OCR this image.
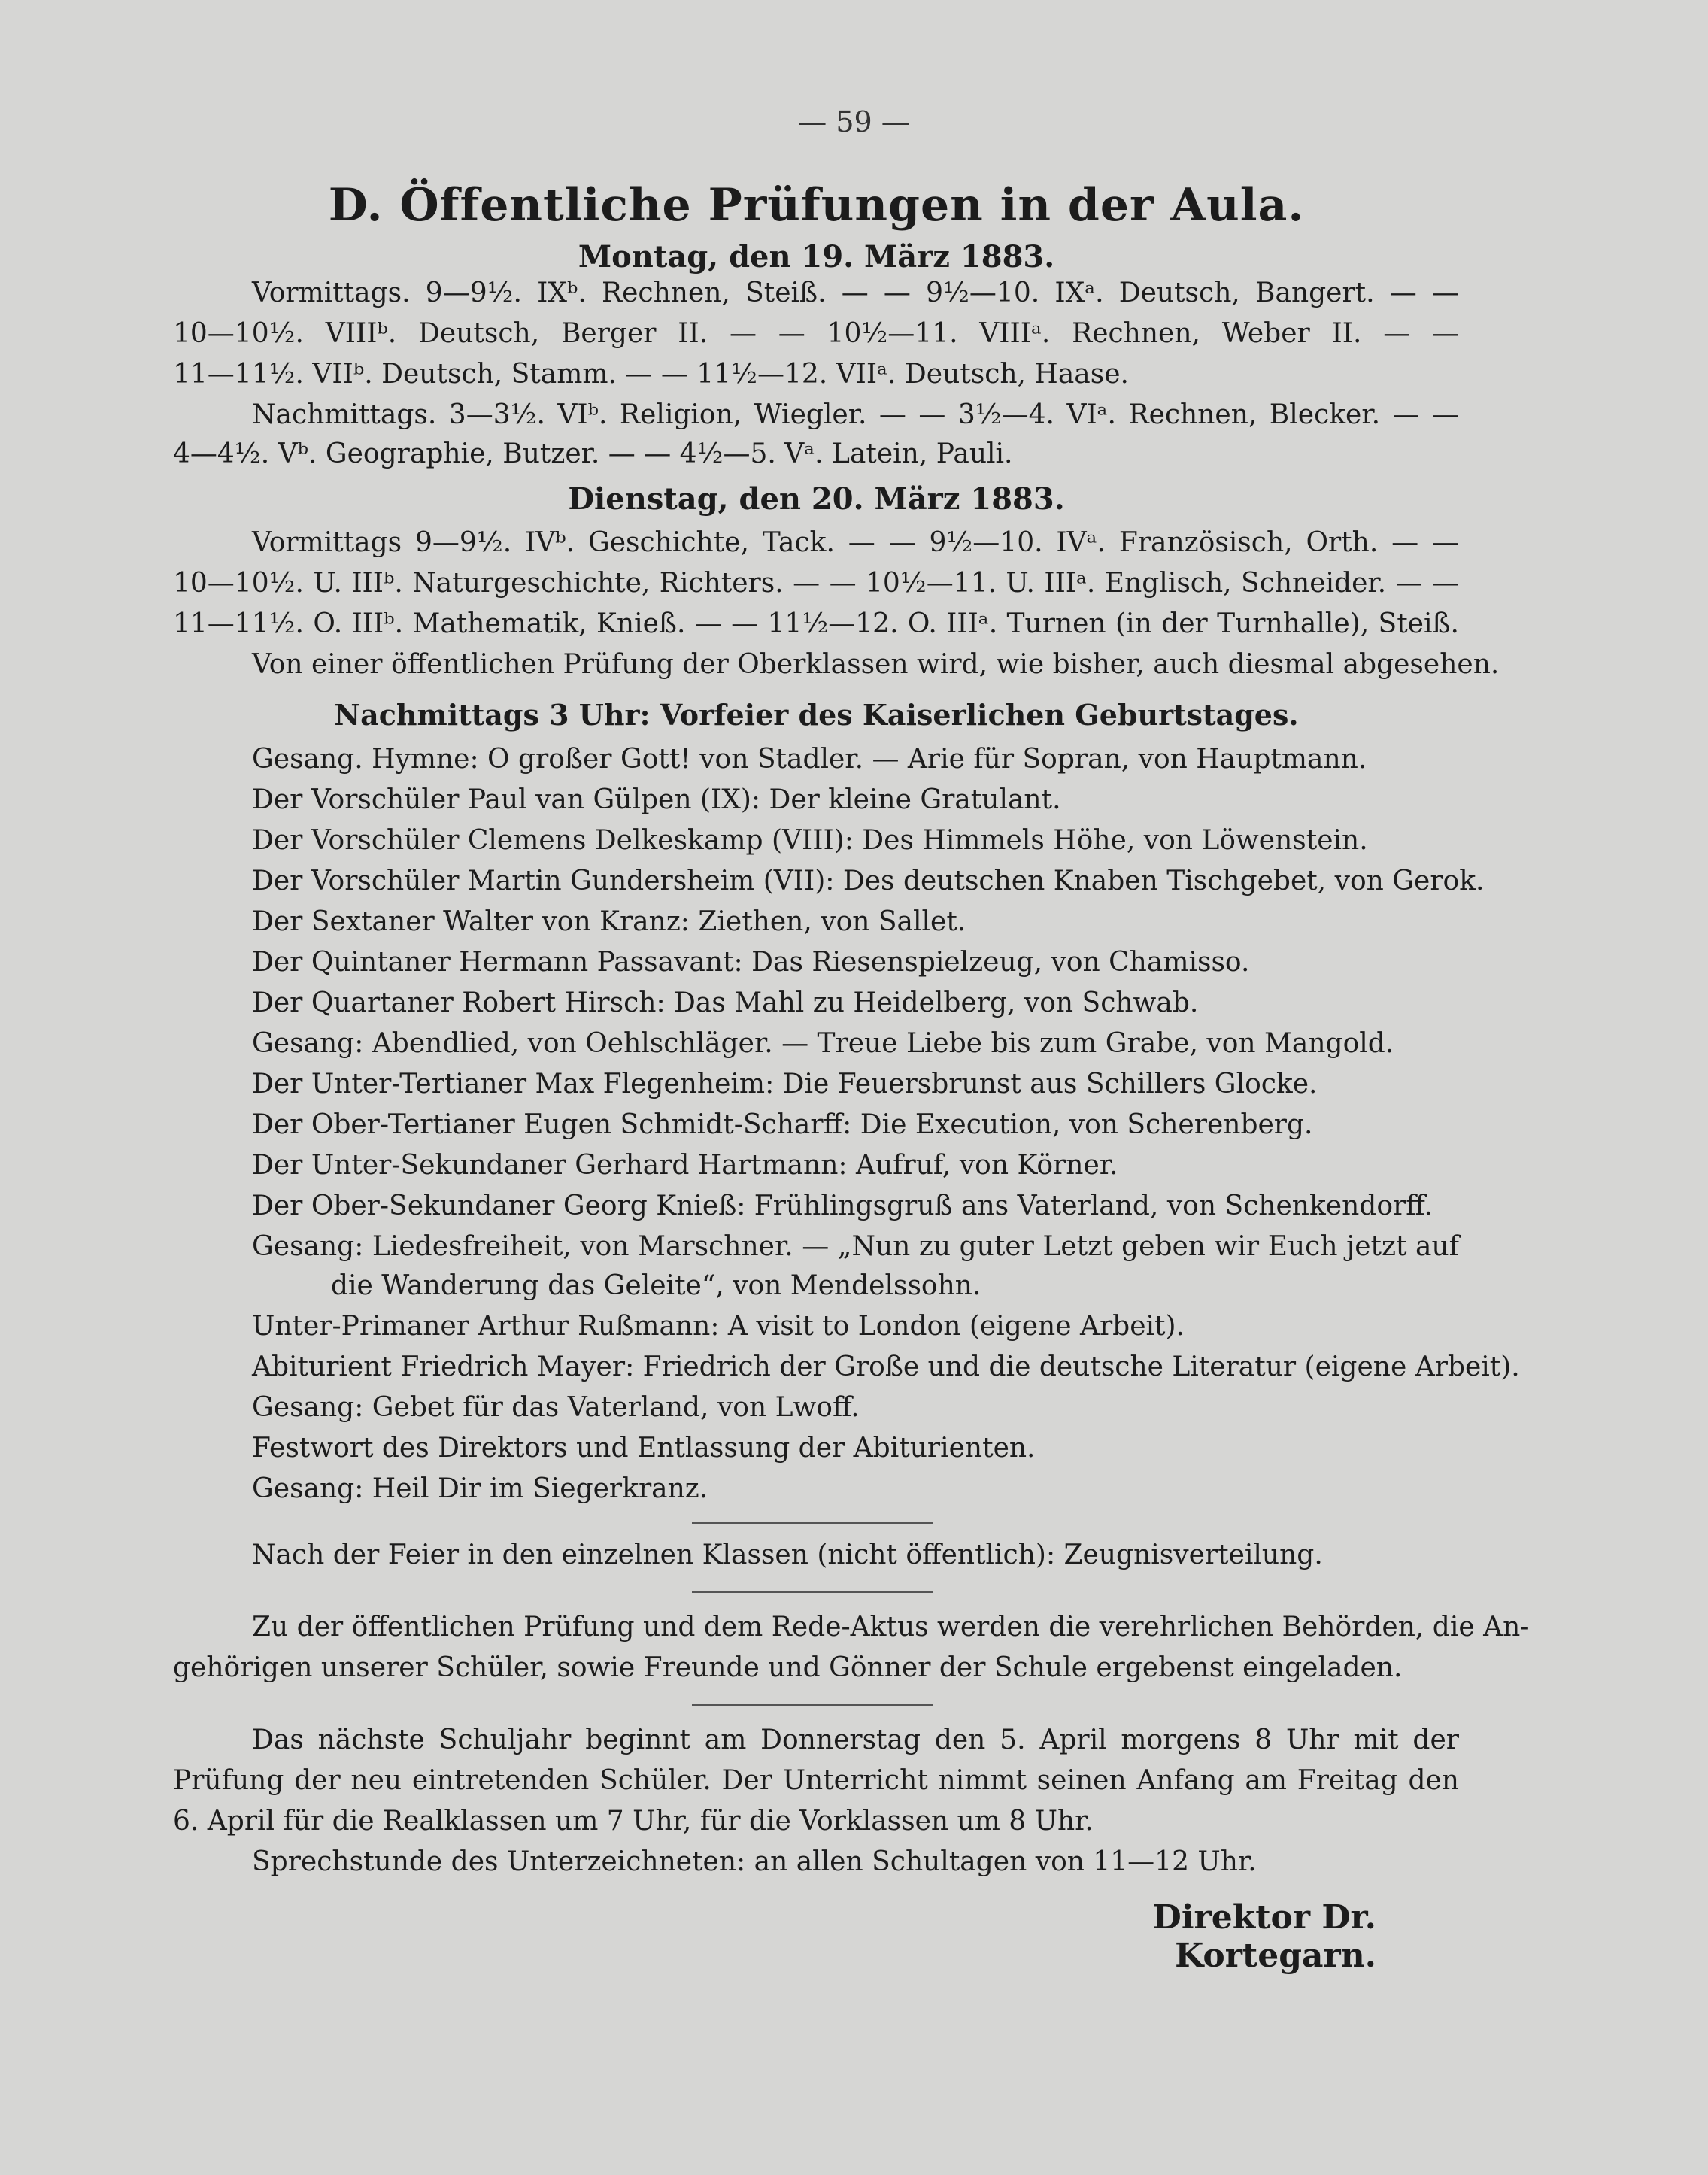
— 59 —
D. Öffentliche Prüfungen in der Aula.
Montag, den 19. März 1883.
Vormittags. 9—9½. IXᵇ. Rechnen, Steiß. — — 9½—10. IXᵃ. Deutsch, Bangert. — —
10—10½. VIIIᵇ. Deutsch, Berger II. — — 10½—11. VIIIᵃ. Rechnen, Weber II. — —
11—11½. VIIᵇ. Deutsch, Stamm. — — 11½—12. VIIᵃ. Deutsch, Haase.
Nachmittags. 3—3½. VIᵇ. Religion, Wiegler. — — 3½—4. VIᵃ. Rechnen, Blecker. — —
4—4½. Vᵇ. Geographie, Butzer. — — 4½—5. Vᵃ. Latein, Pauli.
Dienstag, den 20. März 1883.
Vormittags 9—9½. IVᵇ. Geschichte, Tack. — — 9½—10. IVᵃ. Französisch, Orth. — —
10—10½. U. IIIᵇ. Naturgeschichte, Richters. — — 10½—11. U. IIIᵃ. Englisch, Schneider. — —
11—11½. O. IIIᵇ. Mathematik, Knieß. — — 11½—12. O. IIIᵃ. Turnen (in der Turnhalle), Steiß.
Von einer öffentlichen Prüfung der Oberklassen wird, wie bisher, auch diesmal abgesehen.
Nachmittags 3 Uhr: Vorfeier des Kaiserlichen Geburtstages.
Gesang. Hymne: O großer Gott! von Stadler. — Arie für Sopran, von Hauptmann.
Der Vorschüler Paul van Gülpen (IX): Der kleine Gratulant.
Der Vorschüler Clemens Delkeskamp (VIII): Des Himmels Höhe, von Löwenstein.
Der Vorschüler Martin Gundersheim (VII): Des deutschen Knaben Tischgebet, von Gerok.
Der Sextaner Walter von Kranz: Ziethen, von Sallet.
Der Quintaner Hermann Passavant: Das Riesenspielzeug, von Chamisso.
Der Quartaner Robert Hirsch: Das Mahl zu Heidelberg, von Schwab.
Gesang: Abendlied, von Oehlschläger. — Treue Liebe bis zum Grabe, von Mangold.
Der Unter-Tertianer Max Flegenheim: Die Feuersbrunst aus Schillers Glocke.
Der Ober-Tertianer Eugen Schmidt-Scharff: Die Execution, von Scherenberg.
Der Unter-Sekundaner Gerhard Hartmann: Aufruf, von Körner.
Der Ober-Sekundaner Georg Knieß: Frühlingsgruß ans Vaterland, von Schenkendorff.
Gesang: Liedesfreiheit, von Marschner. — „Nun zu guter Letzt geben wir Euch jetzt auf
die Wanderung das Geleite“, von Mendelssohn.
Unter-Primaner Arthur Rußmann: A visit to London (eigene Arbeit).
Abiturient Friedrich Mayer: Friedrich der Große und die deutsche Literatur (eigene Arbeit).
Gesang: Gebet für das Vaterland, von Lwoff.
Festwort des Direktors und Entlassung der Abiturienten.
Gesang: Heil Dir im Siegerkranz.
Nach der Feier in den einzelnen Klassen (nicht öffentlich): Zeugnisverteilung.
Zu der öffentlichen Prüfung und dem Rede-Aktus werden die verehrlichen Behörden, die An-
gehörigen unserer Schüler, sowie Freunde und Gönner der Schule ergebenst eingeladen.
Das nächste Schuljahr beginnt am Donnerstag den 5. April morgens 8 Uhr mit der
Prüfung der neu eintretenden Schüler. Der Unterricht nimmt seinen Anfang am Freitag den
6. April für die Realklassen um 7 Uhr, für die Vorklassen um 8 Uhr.
Sprechstunde des Unterzeichneten: an allen Schultagen von 11—12 Uhr.
Direktor Dr. Kortegarn.
